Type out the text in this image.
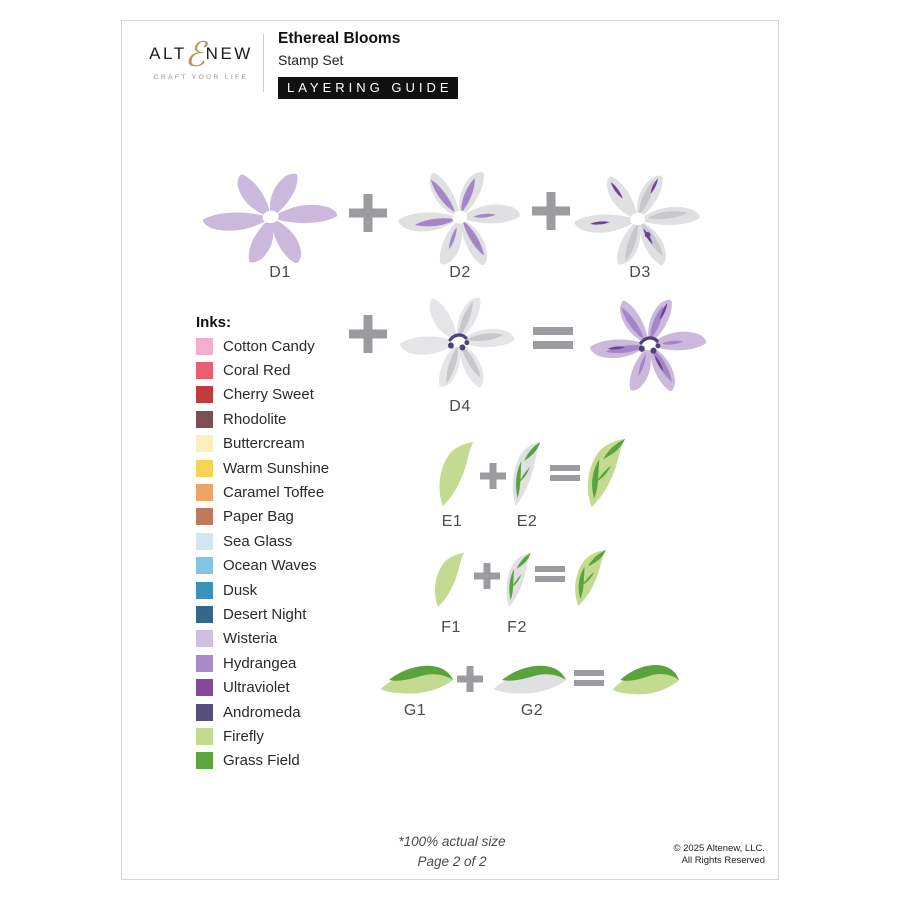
ALTℰNEW
CRAFT YOUR LIFE
Ethereal Blooms
Stamp Set
LAYERING GUIDE
D1	D2	D3
D4
Inks:
Cotton Candy
Coral Red
Cherry Sweet
Rhodolite
Buttercream
Warm Sunshine
Caramel Toffee
Paper Bag
Sea Glass
Ocean Waves
Dusk
Desert Night
Wisteria
Hydrangea
Ultraviolet
Andromeda
Firefly
Grass Field
E1	E2
F1	F2
G1	G2
*100% actual size
Page 2 of 2
© 2025 Altenew, LLC.
All Rights Reserved
